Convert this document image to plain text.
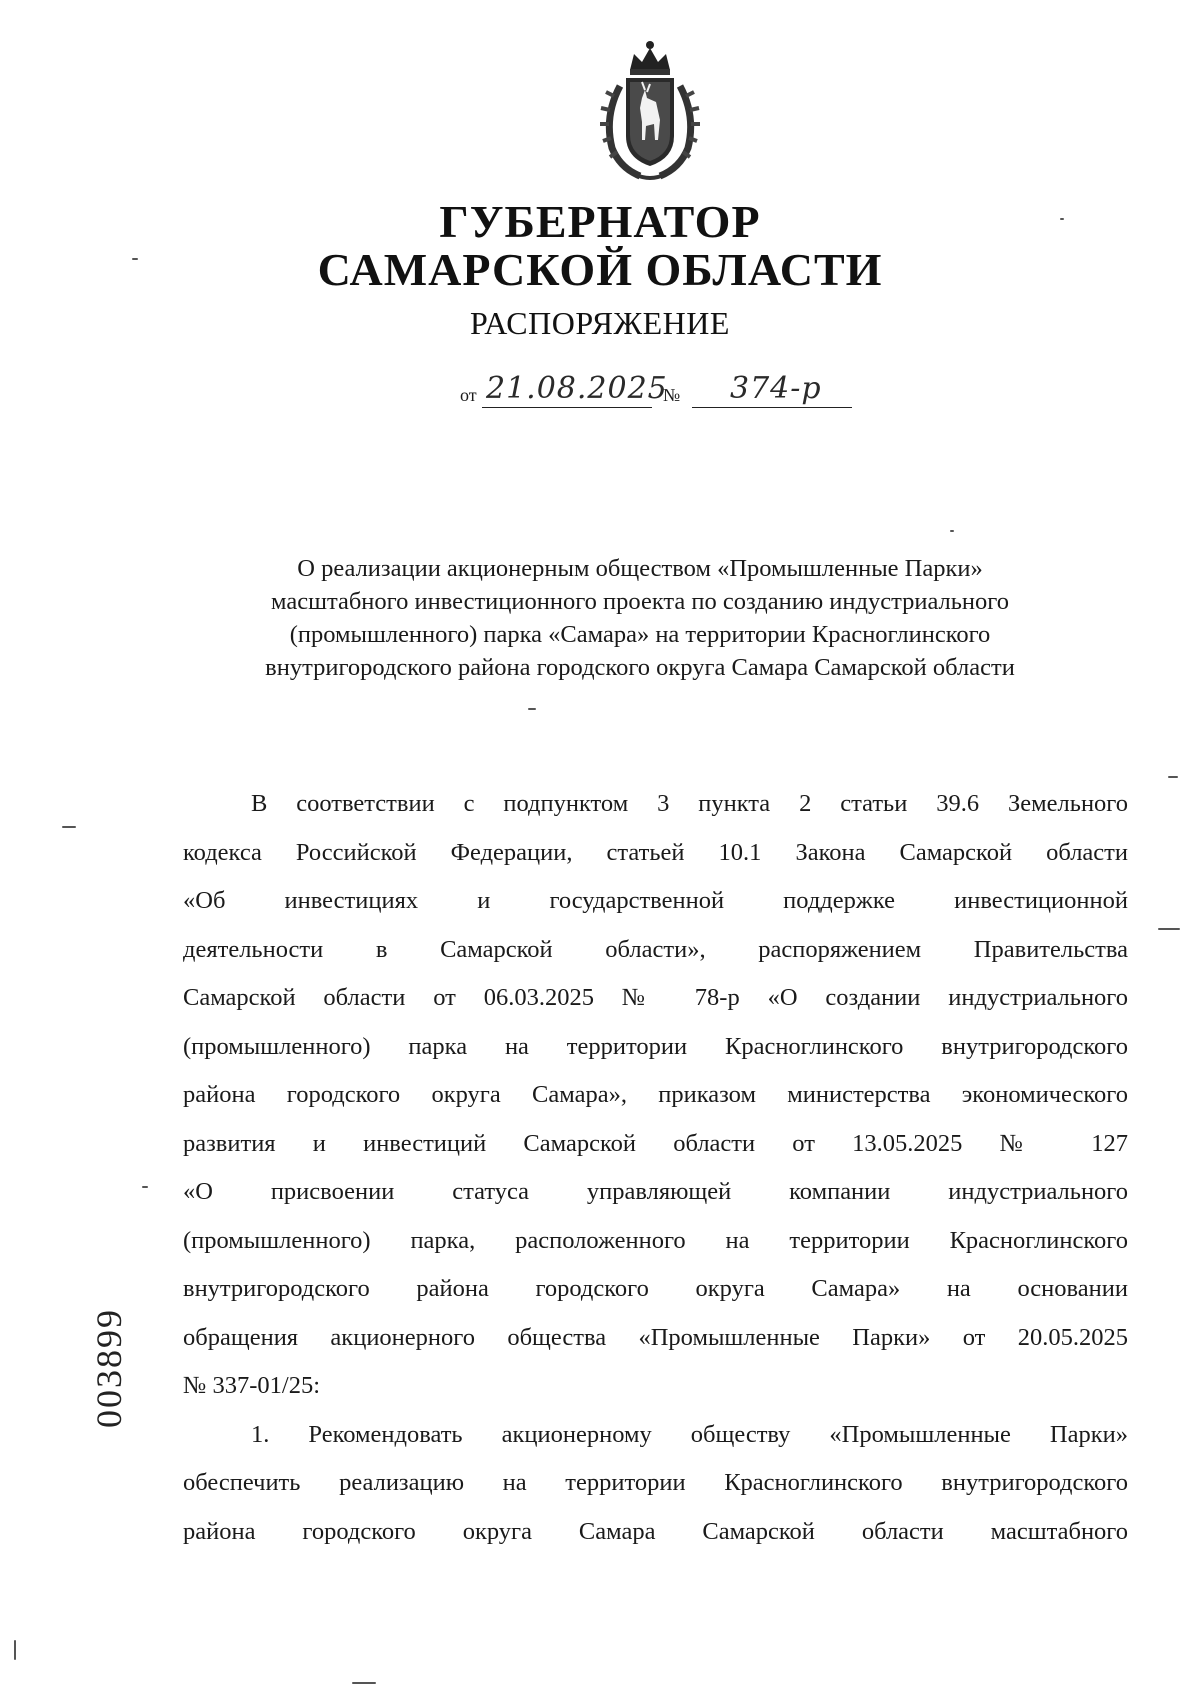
ГУБЕРНАТОР
САМАРСКОЙ ОБЛАСТИ
РАСПОРЯЖЕНИЕ
от 21.08.2025
№ 374-р
О реализации акционерным обществом «Промышленные Парки»
масштабного инвестиционного проекта по созданию индустриального
(промышленного) парка «Самара» на территории Красноглинского
внутригородского района городского округа Самара Самарской области
В соответствии с подпунктом 3 пункта 2 статьи 39.6 Земельного
кодекса Российской Федерации, статьей 10.1 Закона Самарской области
«Об инвестициях и государственной поддержке инвестиционной
деятельности в Самарской области», распоряжением Правительства
Самарской области от 06.03.2025 № 78-р «О создании индустриального
(промышленного) парка на территории Красноглинского внутригородского
района городского округа Самара», приказом министерства экономического
развития и инвестиций Самарской области от 13.05.2025 № 127
«О присвоении статуса управляющей компании индустриального
(промышленного) парка, расположенного на территории Красноглинского
внутригородского района городского округа Самара» на основании
обращения акционерного общества «Промышленные Парки» от 20.05.2025
№ 337-01/25:
1. Рекомендовать акционерному обществу «Промышленные Парки»
обеспечить реализацию на территории Красноглинского внутригородского
района городского округа Самара Самарской области масштабного
003899
